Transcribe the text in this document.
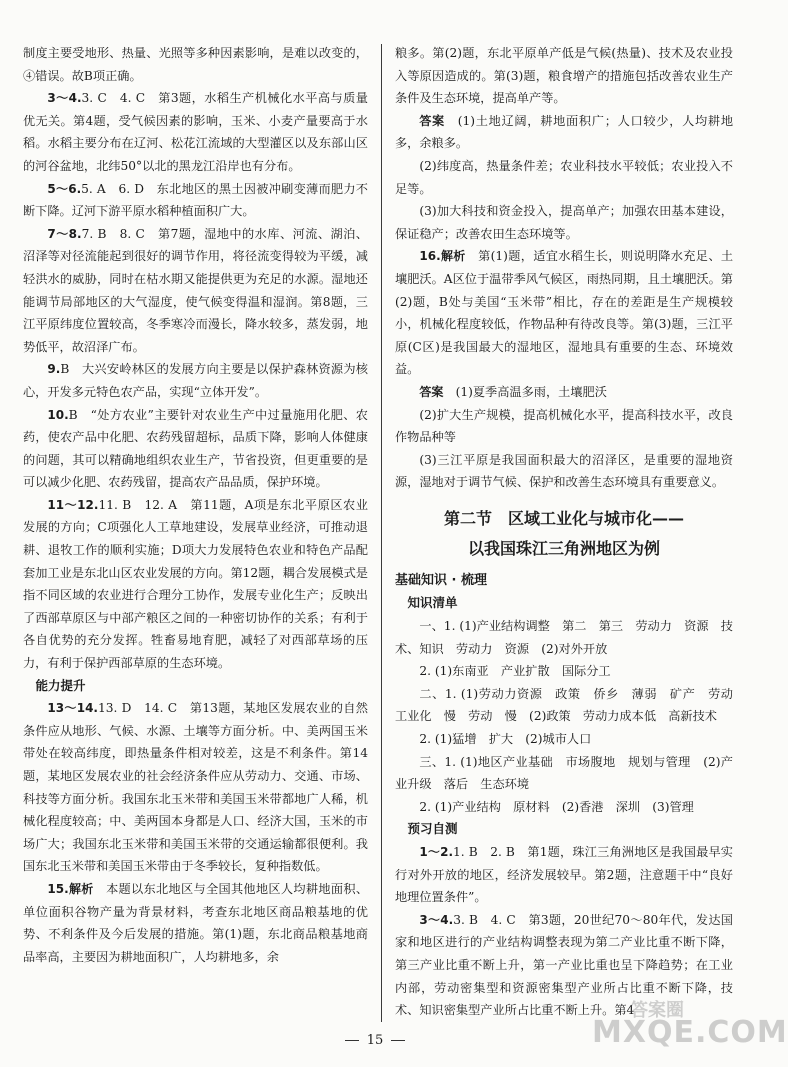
制度主要受地形、热量、光照等多种因素影响，是难以改变的，④错误。故B项正确。

3～4.3. C　4. C　第3题，水稻生产机械化水平高与质量优无关。第4题，受气候因素的影响，玉米、小麦产量要高于水稻。水稻主要分布在辽河、松花江流域的大型灌区以及东部山区的河谷盆地，北纬50°以北的黑龙江沿岸也有分布。

5～6.5. A　6. D　东北地区的黑土因被冲刷变薄而肥力不断下降。辽河下游平原水稻种植面积广大。

7～8.7. B　8. C　第7题，湿地中的水库、河流、湖泊、沼泽等对径流能起到很好的调节作用，将径流变得较为平缓，减轻洪水的威胁，同时在枯水期又能提供更为充足的水源。湿地还能调节局部地区的大气湿度，使气候变得温和湿润。第8题，三江平原纬度位置较高，冬季寒冷而漫长，降水较多，蒸发弱，地势低平，故沼泽广布。

9.B　大兴安岭林区的发展方向主要是以保护森林资源为核心，开发多元特色农产品，实现“立体开发”。

10.B　“处方农业”主要针对农业生产中过量施用化肥、农药，使农产品中化肥、农药残留超标，品质下降，影响人体健康的问题，其可以精确地组织农业生产，节省投资，但更重要的是可以减少化肥、农药残留，提高农产品品质，保护环境。

11～12.11. B　12. A　第11题，A项是东北平原区农业发展的方向；C项强化人工草地建设，发展草业经济，可推动退耕、退牧工作的顺利实施；D项大力发展特色农业和特色产品配套加工业是东北山区农业发展的方向。第12题，耦合发展模式是指不同区域的农业进行合理分工协作，发展专业化生产；反映出了西部草原区与中部产粮区之间的一种密切协作的关系；有利于各自优势的充分发挥。牲畜易地育肥，减轻了对西部草场的压力，有利于保护西部草原的生态环境。

能力提升

13～14.13. D　14. C　第13题，某地区发展农业的自然条件应从地形、气候、水源、土壤等方面分析。中、美两国玉米带处在较高纬度，即热量条件相对较差，这是不利条件。第14题，某地区发展农业的社会经济条件应从劳动力、交通、市场、科技等方面分析。我国东北玉米带和美国玉米带都地广人稀，机械化程度较高；中、美两国本身都是人口、经济大国，玉米的市场广大；我国东北玉米带和美国玉米带的交通运输都很便利。我国东北玉米带和美国玉米带由于冬季较长，复种指数低。

15.解析　 本题以东北地区与全国其他地区人均耕地面积、单位面积谷物产量为背景材料，考查东北地区商品粮基地的优势、不利条件及今后发展的措施。第(1)题，东北商品粮基地商品率高，主要因为耕地面积广，人均耕地多，余

粮多。第(2)题，东北平原单产低是气候(热量)、技术及农业投入等原因造成的。第(3)题，粮食增产的措施包括改善农业生产条件及生态环境，提高单产等。

答案　 (1)土地辽阔，耕地面积广；人口较少，人均耕地多，余粮多。

(2)纬度高，热量条件差；农业科技水平较低；农业投入不足等。

(3)加大科技和资金投入，提高单产；加强农田基本建设，保证稳产；改善农田生态环境等。

16.解析　 第(1)题，适宜水稻生长，则说明降水充足、土壤肥沃。A区位于温带季风气候区，雨热同期，且土壤肥沃。第(2)题，B处与美国“玉米带”相比，存在的差距是生产规模较小，机械化程度较低，作物品种有待改良等。第(3)题，三江平原(C区)是我国最大的湿地区，湿地具有重要的生态、环境效益。

答案　 (1)夏季高温多雨，土壤肥沃

(2)扩大生产规模，提高机械化水平，提高科技水平，改良作物品种等

(3)三江平原是我国面积最大的沼泽区，是重要的湿地资源，湿地对于调节气候、保护和改善生态环境具有重要意义。

第二节　区域工业化与城市化——
以我国珠江三角洲地区为例
基础知识 · 梳理
知识清单

一、1. (1)产业结构调整　第二　第三　劳动力　资源　技术、知识　劳动力　资源　(2)对外开放

2. (1)东南亚　产业扩散　国际分工

二、1. (1)劳动力资源　政策　侨乡　薄弱　矿产　劳动　工业化　慢　劳动　慢　(2)政策　劳动力成本低　高新技术

2. (1)猛增　扩大　(2)城市人口

三、1. (1)地区产业基础　市场腹地　规划与管理　(2)产业升级　落后　生态环境

2. (1)产业结构　原材料　(2)香港　深圳　(3)管理

预习自测

1～2.1. B　2. B　第1题，珠江三角洲地区是我国最早实行对外开放的地区，经济发展较早。第2题，注意题干中“良好地理位置条件”。

3～4.3. B　4. C　第3题，20世纪70～80年代，发达国家和地区进行的产业结构调整表现为第二产业比重不断下降，第三产业比重不断上升，第一产业比重也呈下降趋势；在工业内部，劳动密集型和资源密集型产业所占比重不断下降，技术、知识密集型产业所占比重不断上升。第4

15
答案圈
MXQE.COM
